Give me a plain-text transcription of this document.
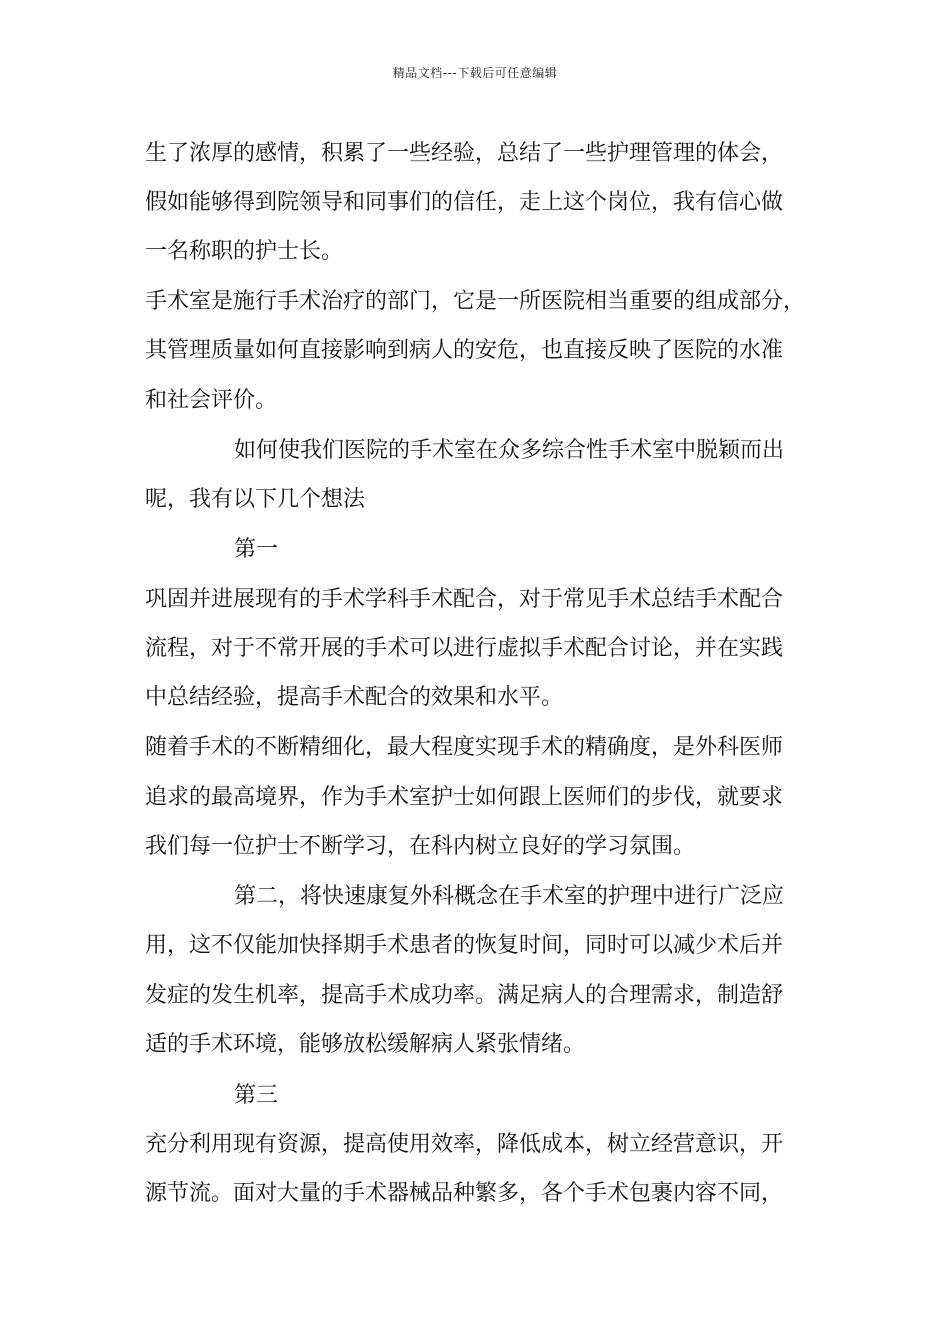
精品文档---下载后可任意编辑
生了浓厚的感情，积累了一些经验，总结了一些护理管理的体会，
假如能够得到院领导和同事们的信任，走上这个岗位，我有信心做
一名称职的护士长。
手术室是施行手术治疗的部门，它是一所医院相当重要的组成部分，
其管理质量如何直接影响到病人的安危，也直接反映了医院的水准
和社会评价。
如何使我们医院的手术室在众多综合性手术室中脱颖而出
呢，我有以下几个想法
第一
巩固并进展现有的手术学科手术配合，对于常见手术总结手术配合
流程，对于不常开展的手术可以进行虚拟手术配合讨论，并在实践
中总结经验，提高手术配合的效果和水平。
随着手术的不断精细化，最大程度实现手术的精确度，是外科医师
追求的最高境界，作为手术室护士如何跟上医师们的步伐，就要求
我们每一位护士不断学习，在科内树立良好的学习氛围。
第二，将快速康复外科概念在手术室的护理中进行广泛应
用，这不仅能加快择期手术患者的恢复时间，同时可以减少术后并
发症的发生机率，提高手术成功率。满足病人的合理需求，制造舒
适的手术环境，能够放松缓解病人紧张情绪。
第三
充分利用现有资源，提高使用效率，降低成本，树立经营意识，开
源节流。面对大量的手术器械品种繁多，各个手术包裹内容不同，
